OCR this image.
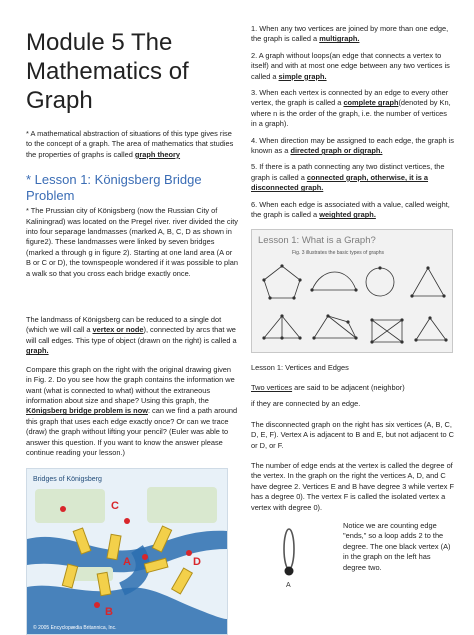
Module 5 The
Mathematics of Graph

* A mathematical abstraction of situations of this type gives rise to the concept of a graph. The area of mathematics that studies the properties of graphs is called graph theory

* Lesson 1: Königsberg Bridge Problem

* The Prussian city of Königsberg (now the Russian City of Kaliningrad) was located on the Pregel river. river divided the city into four separage landmasses (marked A, B, C, D as shown in figure2). These landmasses were linked by seven bridges (marked a through g in figure 2). Starting at one land area (A or B or C or D), the townspeople wondered if it was possible to plan a walk so that you cross each bridge exactly once.

The landmass of Königsberg can be reduced to a single dot (which we will call a vertex or node), connected by arcs that we will call edges. This type of object (drawn on the right) is called a graph.

Compare this graph on the right with the original drawing given in Fig. 2. Do you see how the graph contains the information we want (what is connected to what) without the extraneous information about size and shape? Using this graph, the Königsberg bridge problem is now: can we find a path around this graph that uses each edge exactly once? Or can we trace (draw) the graph without lifting your pencil? (Euler was able to answer this question. If you want to know the answer please continue reading your lesson.)

Bridges of Königsberg
C
A	D
B
© 2005 Encyclopædia Britannica, Inc.

1. When any two vertices are joined by more than one edge, the graph is called a multigraph.

2. A graph without loops(an edge that connects a vertex to itself) and with at most one edge between any two vertices is called a simple graph.

3. When each vertex is connected by an edge to every other vertex, the graph is called a complete graph(denoted by Kn, where n is the order of the graph, i.e. the number of vertices in a graph).

4. When direction may be assigned to each edge, the graph is known as a directed graph or digraph.

5. If there is a path connecting any two distinct vertices, the graph is called a connected graph, otherwise, it is a disconnected graph.

6. When each edge is associated with a value, called weight, the graph is called a weighted graph.

Lesson 1: What is a Graph?
Fig. 3 illustrates the basic types of graphs

Lesson 1: Vertices and Edges

Two vertices are said to be adjacent (neighbor)

if they are connected by an edge.

The disconnected graph on the right has six vertices (A, B, C, D, E, F). Vertex A is adjacent to B and E, but not adjacent to C or D, or F.

The number of edge ends at the vertex is called the degree of the vertex. In the graph on the right the vertices A, D, and C have degree 2. Vertices E and B have degree 3 while vertex F has a degree 0). The vertex F is called the isolated vertex a vertex with degree 0).

A

Notice we are counting edge "ends," so a loop adds 2 to the degree. The one black vertex (A) in the graph on the left has degree two.
